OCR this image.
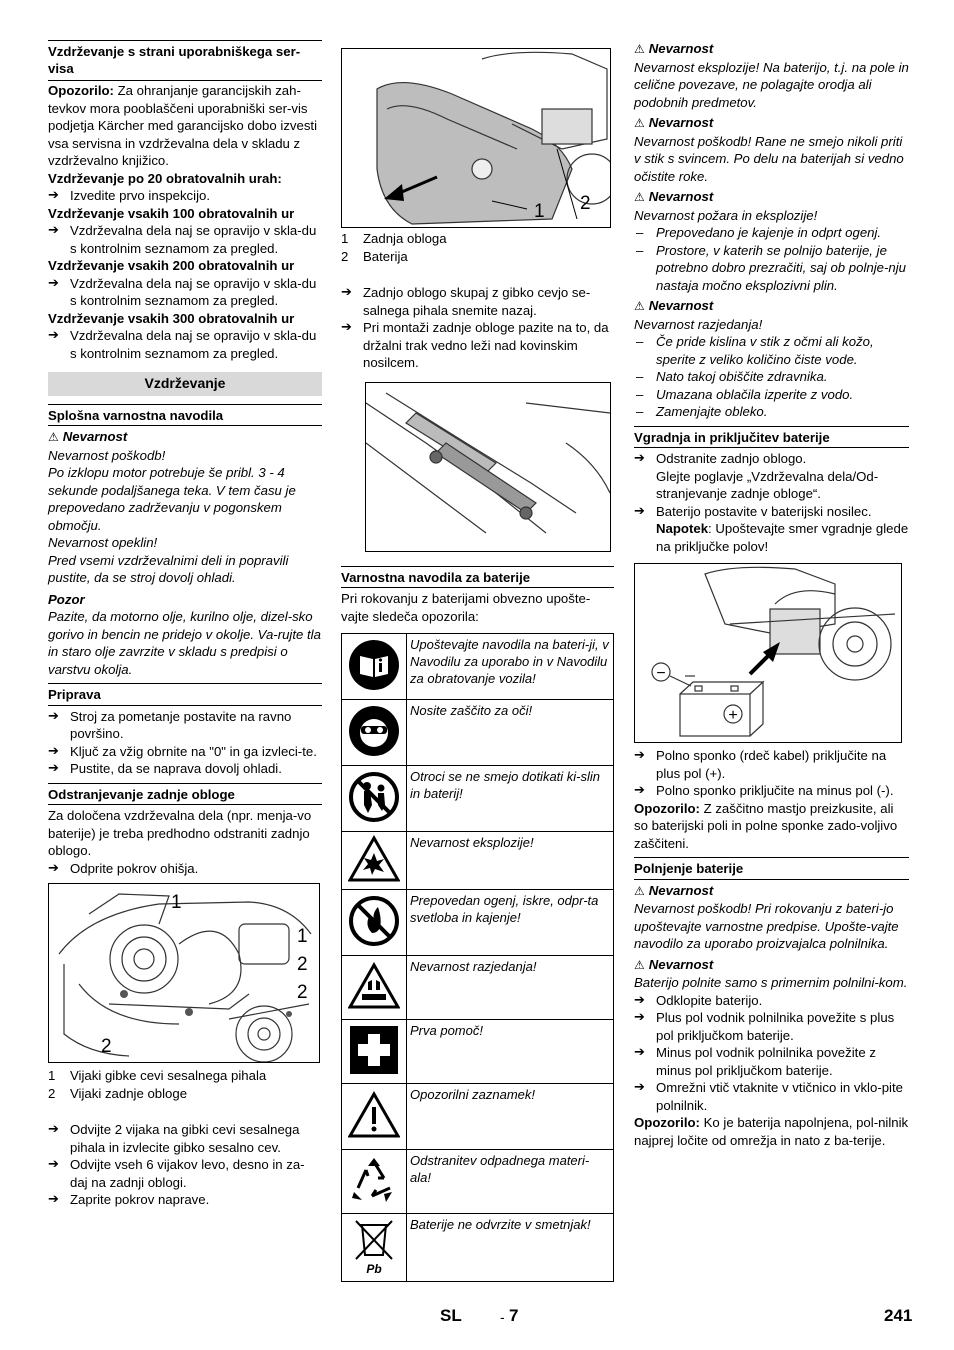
Vzdrževanje s strani uporabniškega ser-visa

Opozorilo: Za ohranjanje garancijskih zah-tevkov mora pooblaščeni uporabniški ser-vis podjetja Kärcher med garancijsko dobo izvesti vsa servisna in vzdrževalna dela v skladu z vzdrževalno knjižico.

Vzdrževanje po 20 obratovalnih urah:

➔ Izvedite prvo inspekcijo.

Vzdrževanje vsakih 100 obratovalnih ur

➔ Vzdrževalna dela naj se opravijo v skla-du s kontrolnim seznamom za pregled.

Vzdrževanje vsakih 200 obratovalnih ur

➔ Vzdrževalna dela naj se opravijo v skla-du s kontrolnim seznamom za pregled.

Vzdrževanje vsakih 300 obratovalnih ur

➔ Vzdrževalna dela naj se opravijo v skla-du s kontrolnim seznamom za pregled.

Vzdrževanje
Splošna varnostna navodila

⚠ Nevarnost

Nevarnost poškodb!

Po izklopu motor potrebuje še pribl. 3 - 4 sekunde podaljšanega teka. V tem času je prepovedano zadrževanju v pogonskem območju.

Nevarnost opeklin!

Pred vsemi vzdrževalnimi deli in popravili pustite, da se stroj dovolj ohladi.

Pozor

Pazite, da motorno olje, kurilno olje, dizel-sko gorivo in bencin ne pridejo v okolje. Va-rujte tla in staro olje zavrzite v skladu s predpisi o varstvu okolja.

Priprava

➔ Stroj za pometanje postavite na ravno površino.

➔ Ključ za vžig obrnite na "0" in ga izvleci-te.

➔ Pustite, da se naprava dovolj ohladi.

Odstranjevanje zadnje obloge

Za določena vzdrževalna dela (npr. menja-vo baterije) je treba predhodno odstraniti zadnjo oblogo.

➔ Odprite pokrov ohišja.

1
1
2
2
2

1	Vijaki gibke cevi sesalnega pihala

2	Vijaki zadnje obloge

➔ Odvijte 2 vijaka na gibki cevi sesalnega pihala in izvlecite gibko sesalno cev.

➔ Odvijte vseh 6 vijakov levo, desno in za-daj na zadnji oblogi.

➔ Zaprite pokrov naprave.

1 2

1	Zadnja obloga

2	Baterija

➔ Zadnjo oblogo skupaj z gibko cevjo se-salnega pihala snemite nazaj.

➔ Pri montaži zadnje obloge pazite na to, da držalni trak vedno leži nad kovinskim nosilcem.

Varnostna navodila za baterije

Pri rokovanju z baterijami obvezno upošte-vajte sledeča opozorila:

	Upoštevajte navodila na bateri-ji, v Navodilu za uporabo in v Navodilu za obratovanje vozila!
	Nosite zaščito za oči!
	Otroci se ne smejo dotikati ki-slin in baterij!
	Nevarnost eksplozije!
	Prepovedan ogenj, iskre, odpr-ta svetloba in kajenje!
	Nevarnost razjedanja!
	Prva pomoč!
	Opozorilni zaznamek!
	Odstranitev odpadnega materi-ala!

Pb	Baterije ne odvrzite v smetnjak!

⚠ Nevarnost

Nevarnost eksplozije! Na baterijo, t.j. na pole in celične povezave, ne polagajte orodja ali podobnih predmetov.

⚠ Nevarnost

Nevarnost poškodb! Rane ne smejo nikoli priti v stik s svincem. Po delu na baterijah si vedno očistite roke.

⚠ Nevarnost

Nevarnost požara in eksplozije!

– Prepovedano je kajenje in odprt ogenj.

– Prostore, v katerih se polnijo baterije, je potrebno dobro prezračiti, saj ob polnje-nju nastaja močno eksplozivni plin.

⚠ Nevarnost

Nevarnost razjedanja!

– Če pride kislina v stik z očmi ali kožo, sperite z veliko količino čiste vode.

– Nato takoj obiščite zdravnika.

– Umazana oblačila izperite z vodo.

– Zamenjajte obleko.

Vgradnja in priključitev baterije

➔ Odstranite zadnjo oblogo.

Glejte poglavje „Vzdrževalna dela/Od-stranjevanje zadnje obloge“.

➔ Baterijo postavite v baterijski nosilec.

Napotek: Upoštevajte smer vgradnje glede na priključke polov!

−
+

➔ Polno sponko (rdeč kabel) priključite na plus pol (+).

➔ Polno sponko priključite na minus pol (-).

Opozorilo: Z zaščitno mastjo preizkusite, ali so baterijski poli in polne sponke zado-voljivo zaščiteni.

Polnjenje baterije

⚠ Nevarnost

Nevarnost poškodb! Pri rokovanju z bateri-jo upoštevajte varnostne predpise. Upošte-vajte navodilo za uporabo proizvajalca polnilnika.

⚠ Nevarnost

Baterijo polnite samo s primernim polnilni-kom.

➔ Odklopite baterijo.

➔ Plus pol vodnik polnilnika povežite s plus pol priključkom baterije.

➔ Minus pol vodnik polnilnika povežite z minus pol priključkom baterije.

➔ Omrežni vtič vtaknite v vtičnico in vklo-pite polnilnik.

Opozorilo: Ko je baterija napolnjena, pol-nilnik najprej ločite od omrežja in nato z ba-terije.

SL	- 7	241
